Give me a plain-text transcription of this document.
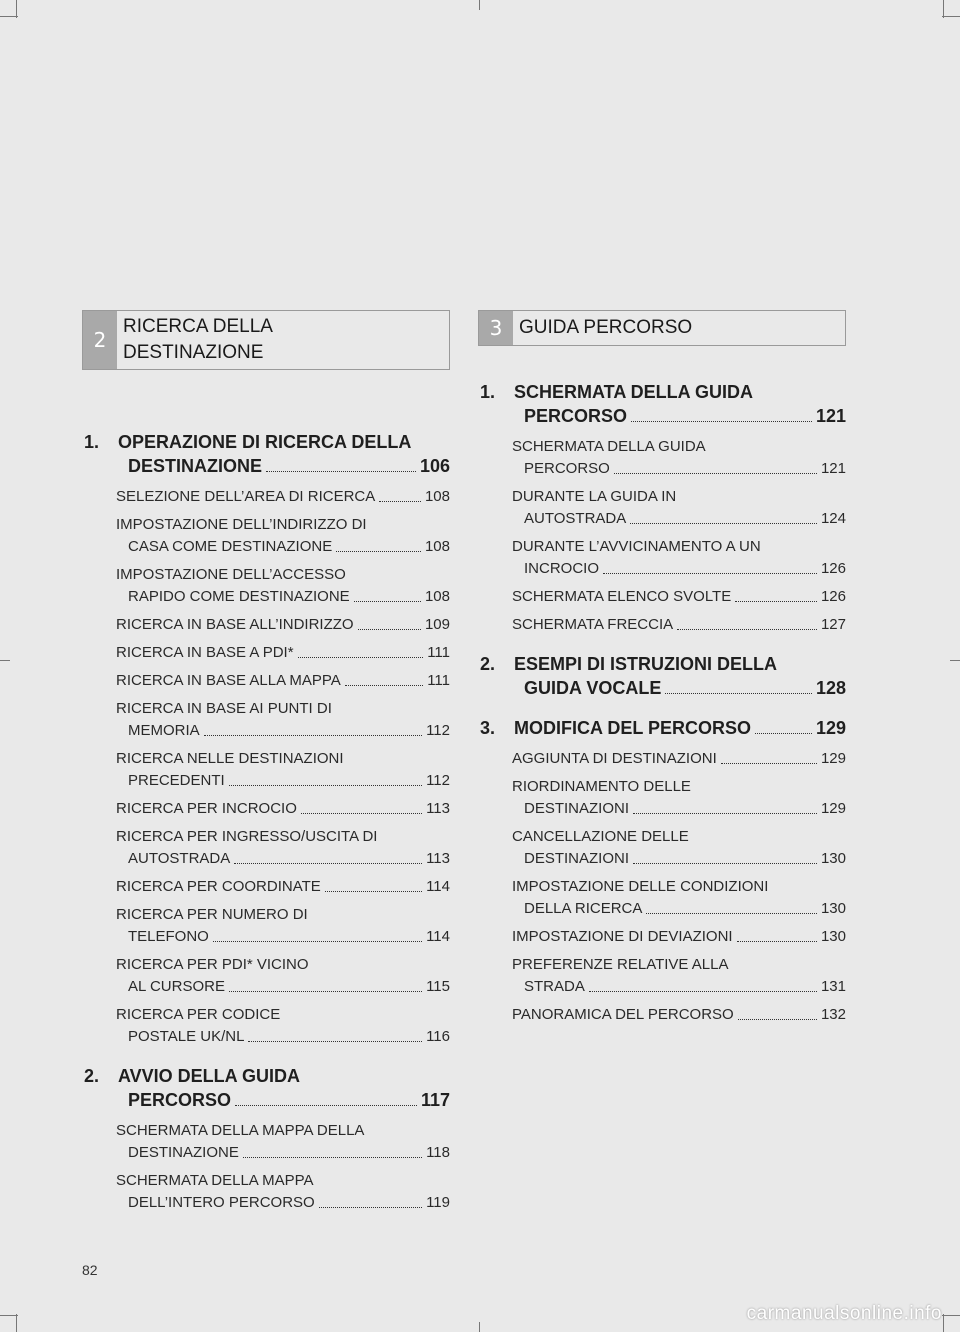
2
RICERCA DELLA
DESTINAZIONE
1.	OPERAZIONE DI RICERCA DELLA
DESTINAZIONE	106
SELEZIONE DELL’AREA DI RICERCA	108
IMPOSTAZIONE DELL’INDIRIZZO DI
CASA COME DESTINAZIONE	108
IMPOSTAZIONE DELL’ACCESSO
RAPIDO COME DESTINAZIONE	108
RICERCA IN BASE ALL’INDIRIZZO	109
RICERCA IN BASE A PDI*	111
RICERCA IN BASE ALLA MAPPA	111
RICERCA IN BASE AI PUNTI DI
MEMORIA	112
RICERCA NELLE DESTINAZIONI
PRECEDENTI	112
RICERCA PER INCROCIO	113
RICERCA PER INGRESSO/USCITA DI
AUTOSTRADA	113
RICERCA PER COORDINATE	114
RICERCA PER NUMERO DI
TELEFONO	114
RICERCA PER PDI* VICINO
AL CURSORE	115
RICERCA PER CODICE
POSTALE UK/NL	116
2.	AVVIO DELLA GUIDA
PERCORSO	117
SCHERMATA DELLA MAPPA DELLA
DESTINAZIONE	118
SCHERMATA DELLA MAPPA
DELL’INTERO PERCORSO	119
3 GUIDA PERCORSO
1.	SCHERMATA DELLA GUIDA
PERCORSO	121
SCHERMATA DELLA GUIDA
PERCORSO	121
DURANTE LA GUIDA IN
AUTOSTRADA	124
DURANTE L’AVVICINAMENTO A UN
INCROCIO	126
SCHERMATA ELENCO SVOLTE	126
SCHERMATA FRECCIA	127
2.	ESEMPI DI ISTRUZIONI DELLA
GUIDA VOCALE	128
3.	MODIFICA DEL PERCORSO	129
AGGIUNTA DI DESTINAZIONI	129
RIORDINAMENTO DELLE
DESTINAZIONI	129
CANCELLAZIONE DELLE
DESTINAZIONI	130
IMPOSTAZIONE DELLE CONDIZIONI
DELLA RICERCA	130
IMPOSTAZIONE DI DEVIAZIONI	130
PREFERENZE RELATIVE ALLA
STRADA	131
PANORAMICA DEL PERCORSO	132
82
carmanualsonline.info
